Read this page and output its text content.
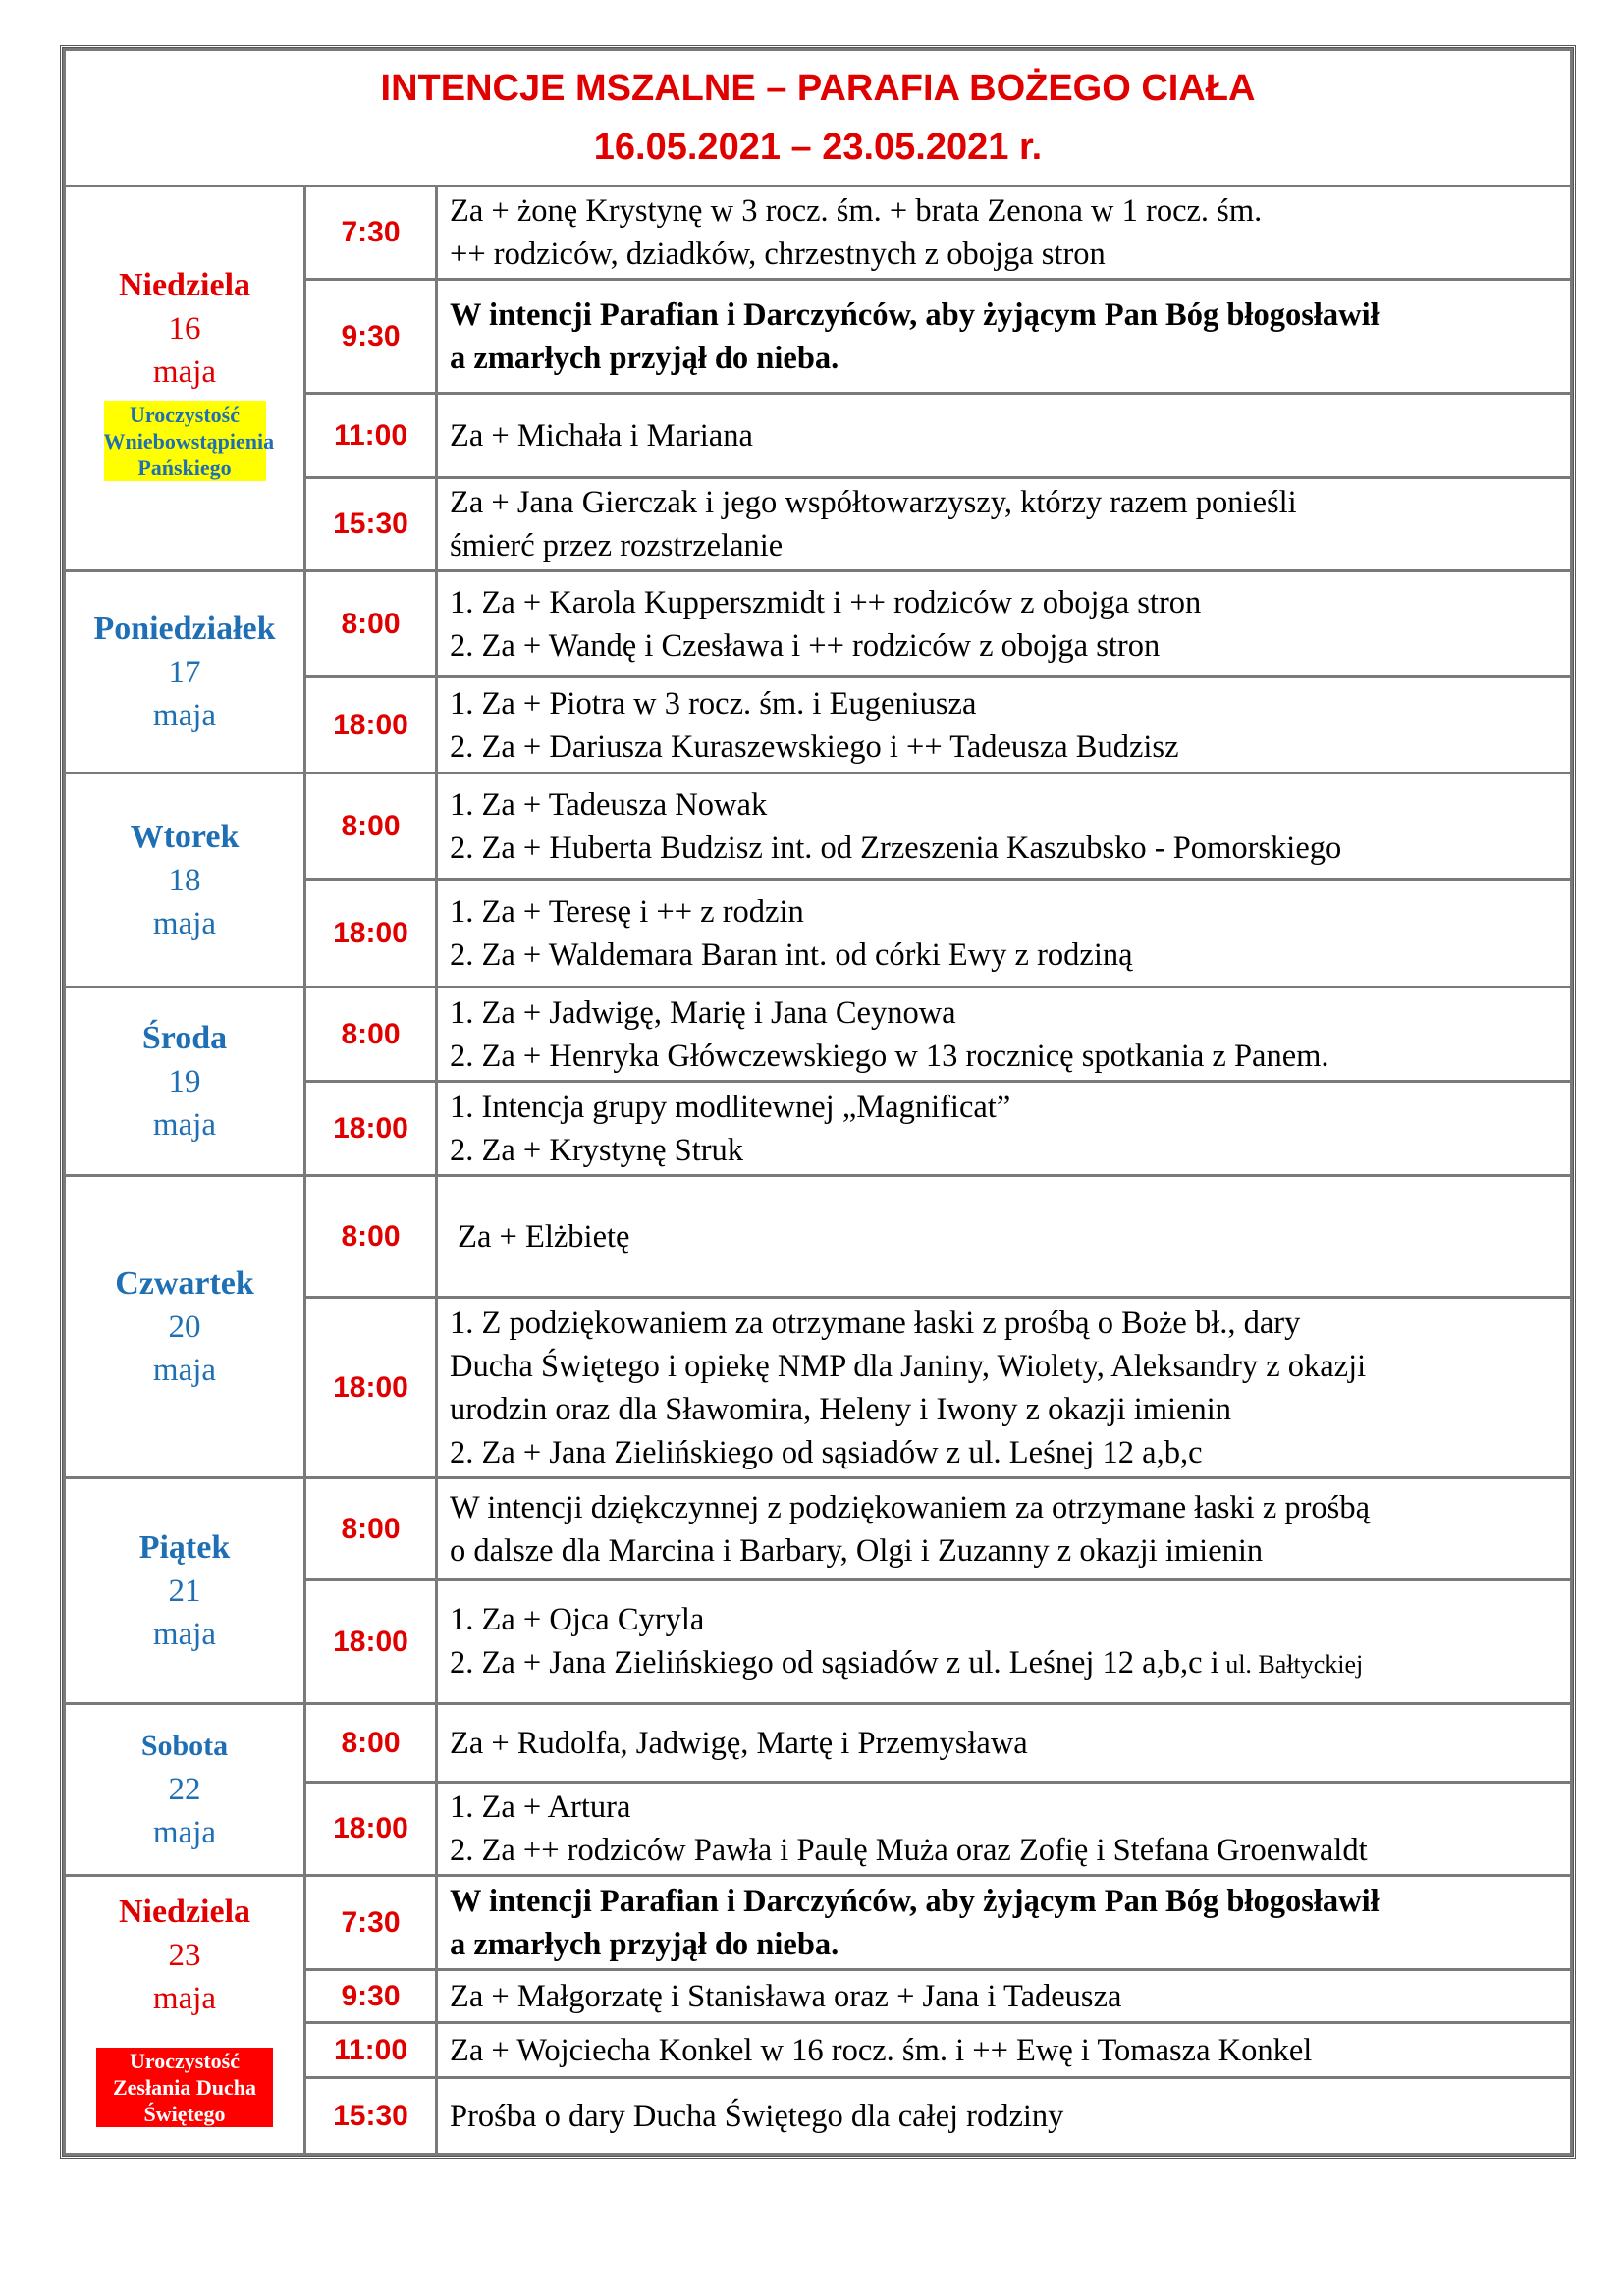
INTENCJE MSZALNE – PARAFIA BOŻEGO CIAŁA
16.05.2021 – 23.05.2021 r.		

Niedziela
16
maja
Uroczystość Wniebowstąpienia Pańskiego	7:30	Za + żonę Krystynę w 3 rocz. śm. + brata Zenona w 1 rocz. śm.
++ rodziców, dziadków, chrzestnych z obojga stron

	9:30	W intencji Parafian i Darczyńców, aby żyjącym Pan Bóg błogosławił
a zmarłych przyjął do nieba.

	11:00	Za + Michała i Mariana

	15:30	Za + Jana Gierczak i jego współtowarzyszy, którzy razem ponieśli
śmierć przez rozstrzelanie

Poniedziałek
17
maja	8:00	1. Za + Karola Kupperszmidt i ++ rodziców z obojga stron
2. Za + Wandę i Czesława i ++ rodziców z obojga stron

	18:00	1. Za + Piotra w 3 rocz. śm. i Eugeniusza
2. Za + Dariusza Kuraszewskiego i ++ Tadeusza Budzisz

Wtorek
18
maja	8:00	1. Za + Tadeusza Nowak
2. Za + Huberta Budzisz int. od Zrzeszenia Kaszubsko - Pomorskiego

	18:00	1. Za + Teresę i ++ z rodzin
2. Za + Waldemara Baran int. od córki Ewy z rodziną

Środa
19
maja	8:00	1. Za + Jadwigę, Marię i Jana Ceynowa
2. Za + Henryka Główczewskiego w 13 rocznicę spotkania z Panem.

	18:00	1. Intencja grupy modlitewnej „Magnificat”
2. Za + Krystynę Struk

Czwartek
20
maja	8:00	Za + Elżbietę

	18:00	1. Z podziękowaniem za otrzymane łaski z prośbą o Boże bł., dary
Ducha Świętego i opiekę NMP dla Janiny, Wiolety, Aleksandry z okazji
urodzin oraz dla Sławomira, Heleny i Iwony z okazji imienin
2. Za + Jana Zielińskiego od sąsiadów z ul. Leśnej 12 a,b,c

Piątek
21
maja	8:00	W intencji dziękczynnej z podziękowaniem za otrzymane łaski z prośbą
o dalsze dla Marcina i Barbary, Olgi i Zuzanny z okazji imienin

	18:00	1. Za + Ojca Cyryla
2. Za + Jana Zielińskiego od sąsiadów z ul. Leśnej 12 a,b,c i ul. Bałtyckiej

Sobota
22
maja	8:00	Za + Rudolfa, Jadwigę, Martę i Przemysława

	18:00	1. Za + Artura
2. Za ++ rodziców Pawła i Paulę Muża oraz Zofię i Stefana Groenwaldt

Niedziela
23
maja
Uroczystość Zesłania Ducha Świętego	7:30	W intencji Parafian i Darczyńców, aby żyjącym Pan Bóg błogosławił
a zmarłych przyjął do nieba.

	9:30	Za + Małgorzatę i Stanisława oraz + Jana i Tadeusza

	11:00	Za + Wojciecha Konkel w 16 rocz. śm. i ++ Ewę i Tomasza Konkel

	15:30	Prośba o dary Ducha Świętego dla całej rodziny
